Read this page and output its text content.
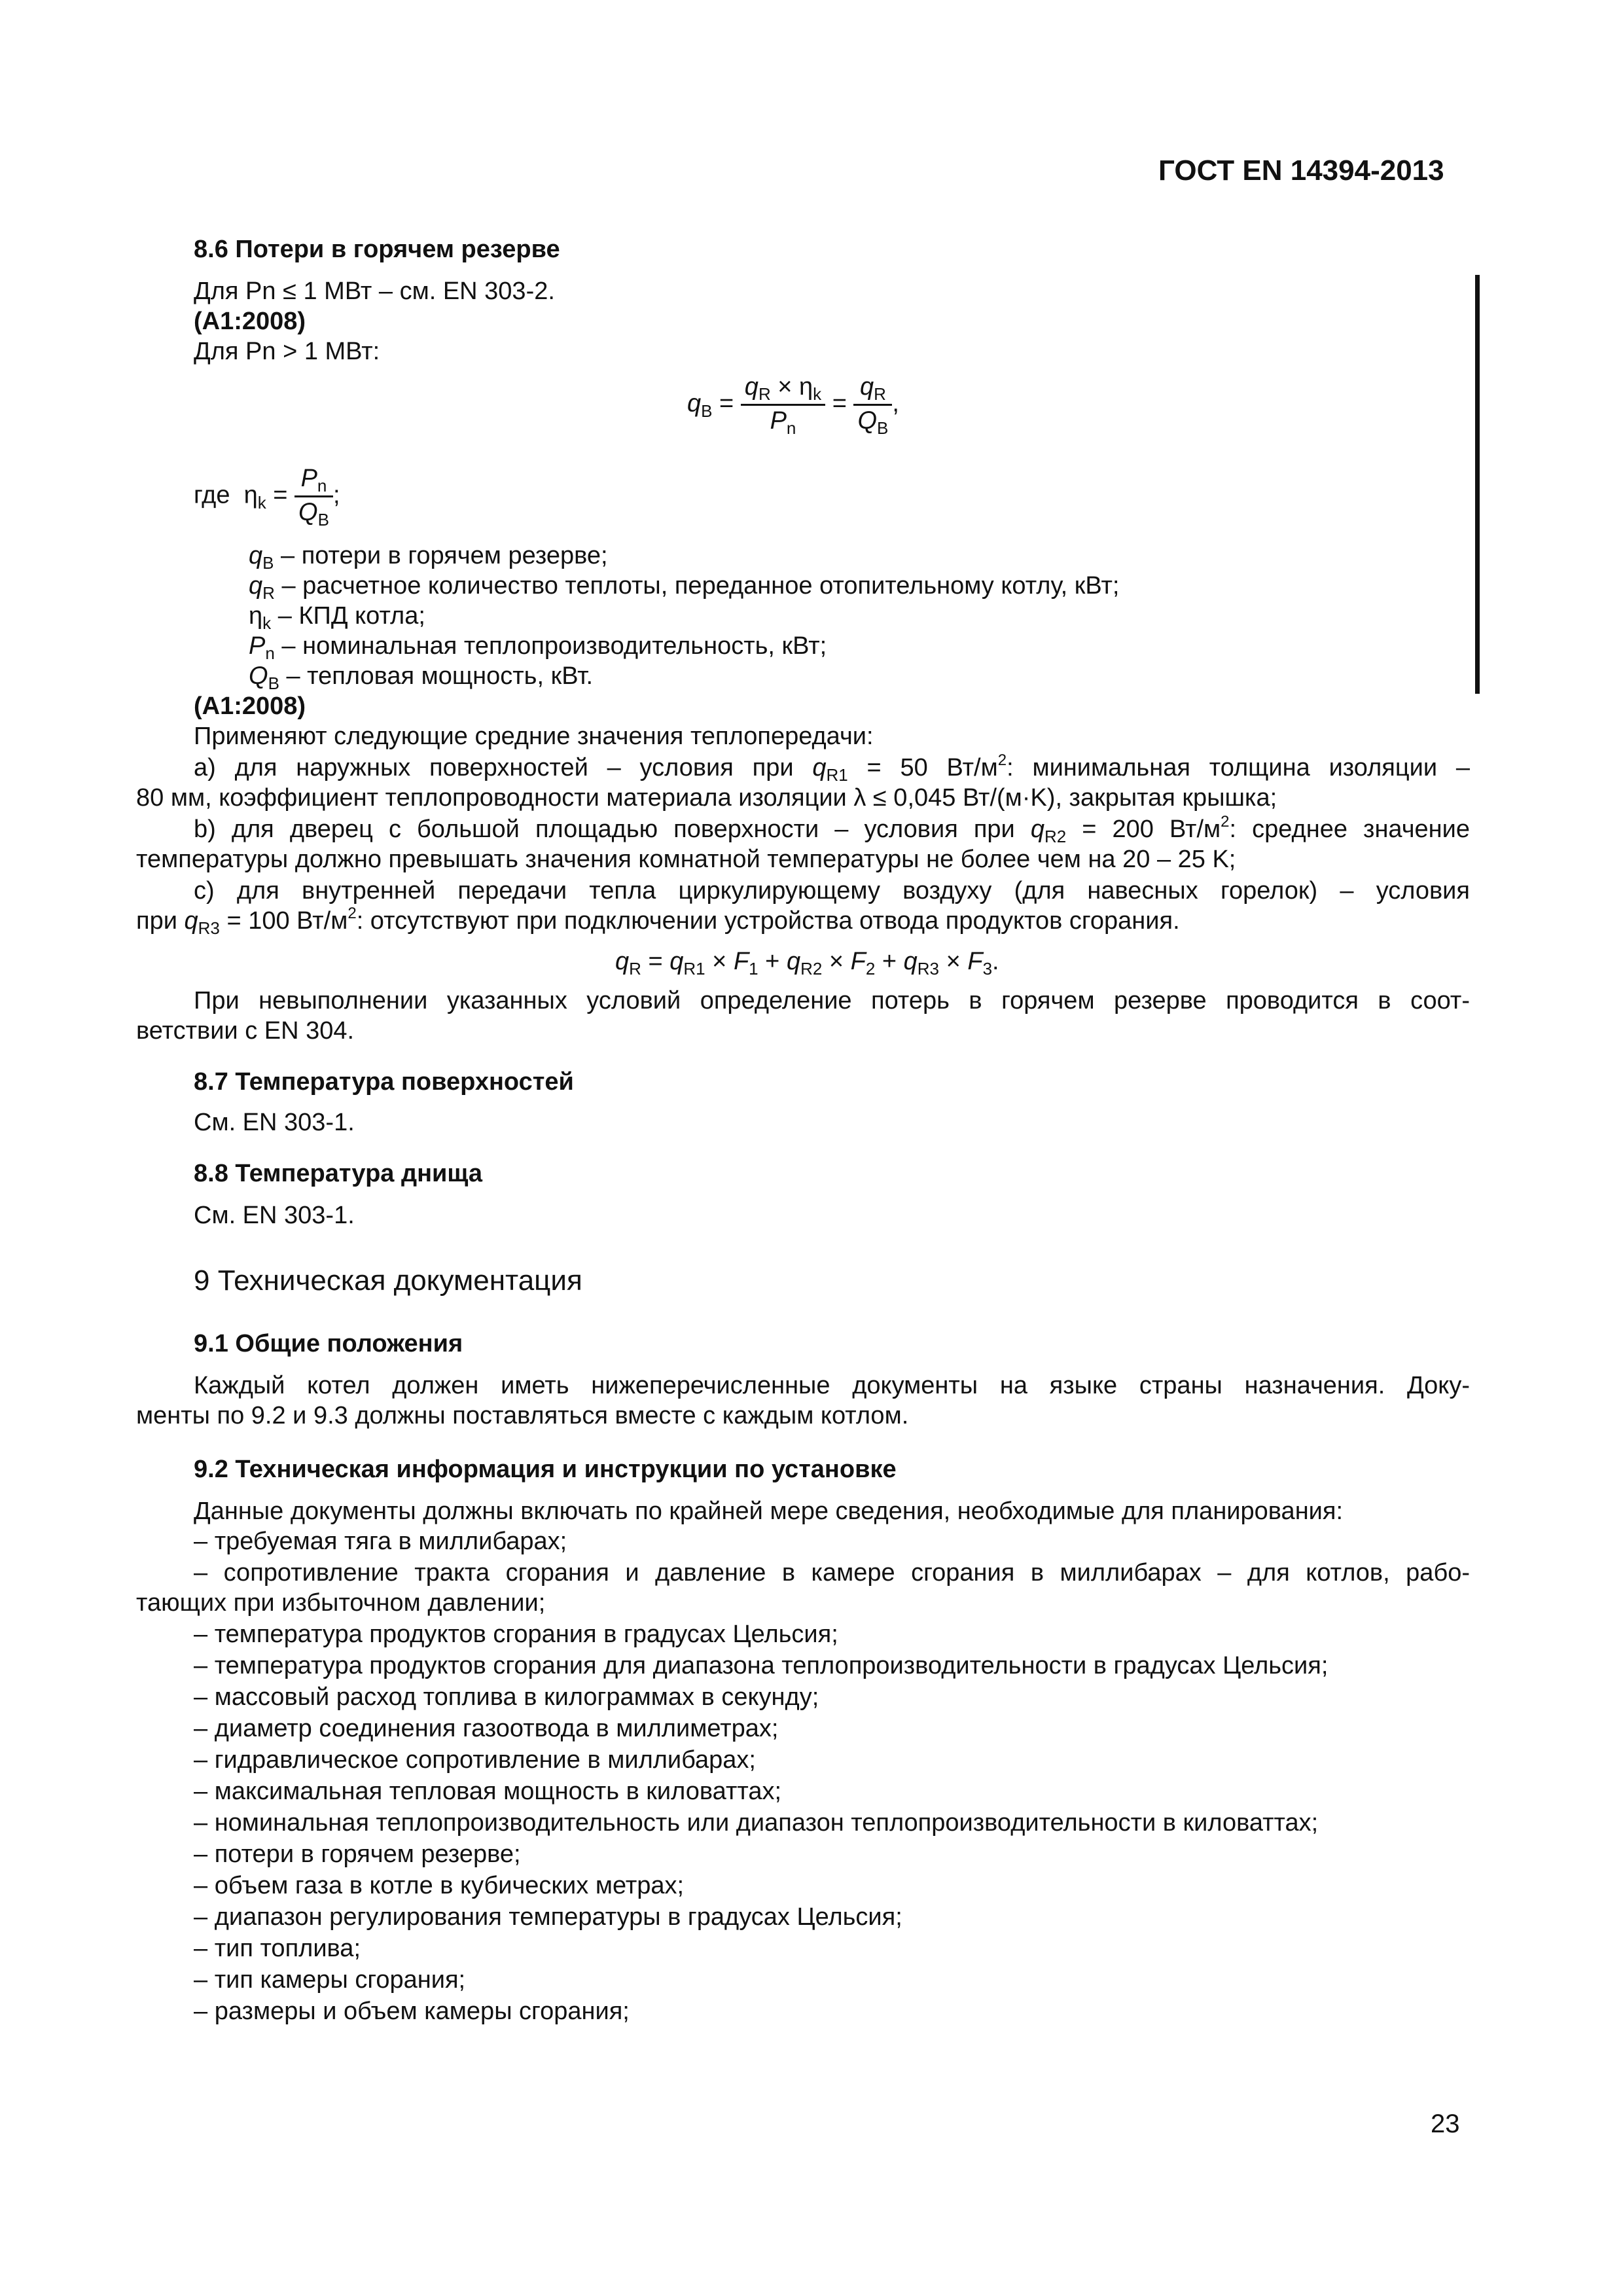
ГОСТ EN 14394-2013
8.6 Потери в горячем резерве
Для Pn ≤ 1 МВт – см. EN 303-2.
(А1:2008)
Для Pn > 1 МВт:
$q_B = \frac{q_R \times \eta_k}{P_n} = \frac{q_R}{Q_B}$ ,
где  $\eta_k = \frac{P_n}{Q_B}$ ;
$q_B$ – потери в горячем резерве;
$q_R$ – расчетное количество теплоты, переданное отопительному котлу, кВт;
$\eta_k$ – КПД котла;
$P_n$ – номинальная теплопроизводительность, кВт;
$Q_B$ – тепловая мощность, кВт.
(А1:2008)
Применяют следующие средние значения теплопередачи:
а) для наружных поверхностей – условия при $q_{R1} = 50$ $Вт/м^2$: минимальная толщина изоляции –
80 мм, коэффициент теплопроводности материала изоляции λ ≤ 0,045 Вт/(м·K), закрытая крышка;
b) для дверец с большой площадью поверхности – условия при $q_{R2} = 200$ $Вт/м^2$: среднее значение
температуры должно превышать значения комнатной температуры не более чем на 20 – 25 K;
с) для внутренней передачи тепла циркулирующему воздуху (для навесных горелок) – условия
при $q_{R3} = 100$ $Вт/м^2$: отсутствуют при подключении устройства отвода продуктов сгорания.
$q_R = q_{R1} \times F_1 + q_{R2} \times F_2 + q_{R3} \times F_3$.
При невыполнении указанных условий определение потерь в горячем резерве проводится в соот-
ветствии с EN 304.
8.7 Температура поверхностей
См. EN 303-1.
8.8 Температура днища
См. EN 303-1.
9 Техническая документация
9.1 Общие положения
Каждый котел должен иметь нижеперечисленные документы на языке страны назначения. Доку-
менты по 9.2 и 9.3 должны поставляться вместе с каждым котлом.
9.2 Техническая информация и инструкции по установке
Данные документы должны включать по крайней мере сведения, необходимые для планирования:
– требуемая тяга в миллибарах;
– сопротивление тракта сгорания и давление в камере сгорания в миллибарах – для котлов, рабо-
тающих при избыточном давлении;
– температура продуктов сгорания в градусах Цельсия;
– температура продуктов сгорания для диапазона теплопроизводительности в градусах Цельсия;
– массовый расход топлива в килограммах в секунду;
– диаметр соединения газоотвода в миллиметрах;
– гидравлическое сопротивление в миллибарах;
– максимальная тепловая мощность в киловаттах;
– номинальная теплопроизводительность или диапазон теплопроизводительности в киловаттах;
– потери в горячем резерве;
– объем газа в котле в кубических метрах;
– диапазон регулирования температуры в градусах Цельсия;
– тип топлива;
– тип камеры сгорания;
– размеры и объем камеры сгорания;
23
